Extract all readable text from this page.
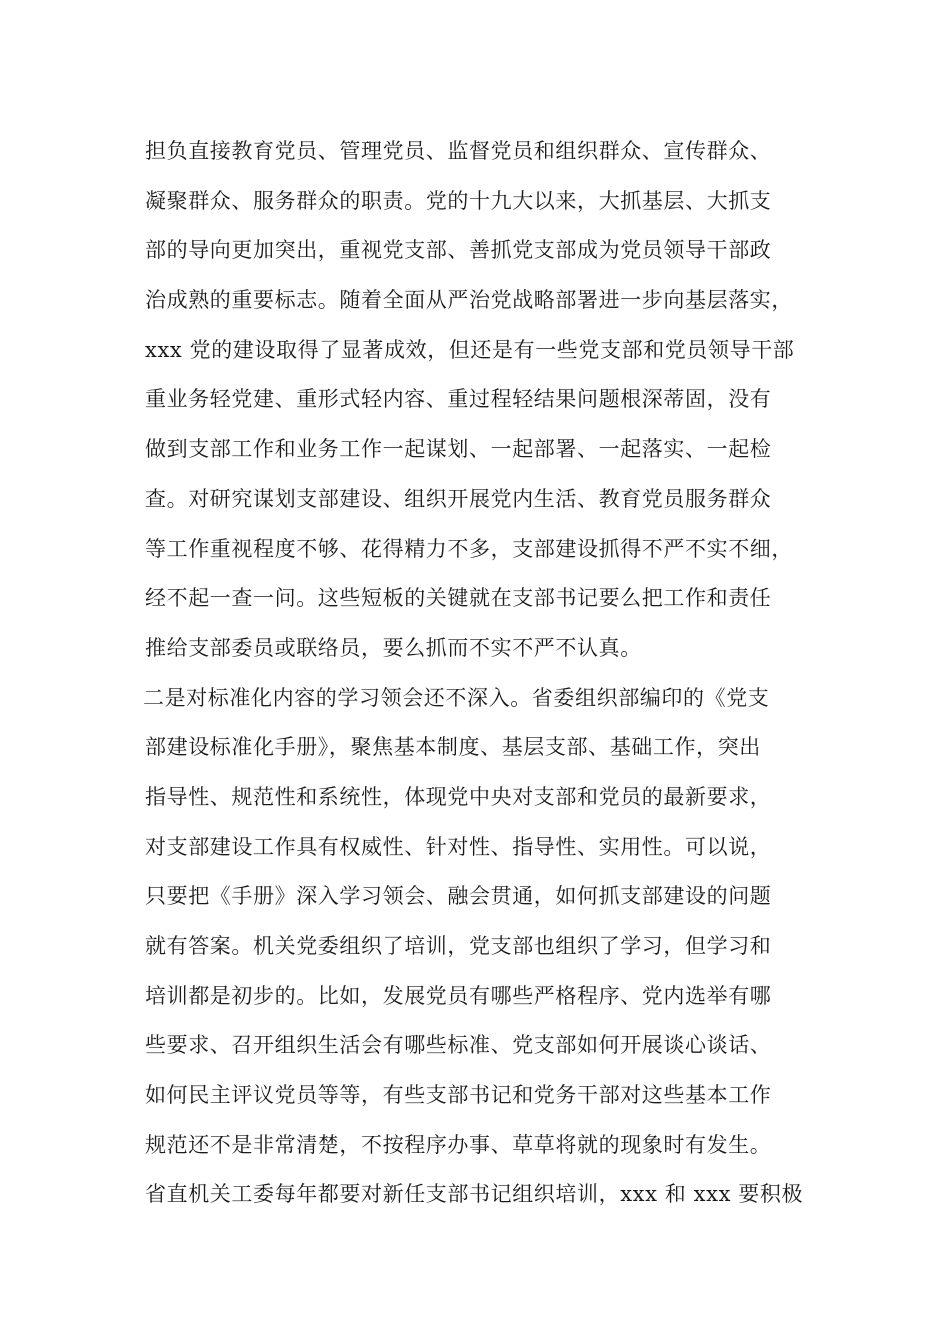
担负直接教育党员、管理党员、监督党员和组织群众、宣传群众、
凝聚群众、服务群众的职责。党的十九大以来，大抓基层、大抓支
部的导向更加突出，重视党支部、善抓党支部成为党员领导干部政
治成熟的重要标志。随着全面从严治党战略部署进一步向基层落实，
xxx 党的建设取得了显著成效，但还是有一些党支部和党员领导干部
重业务轻党建、重形式轻内容、重过程轻结果问题根深蒂固，没有
做到支部工作和业务工作一起谋划、一起部署、一起落实、一起检
查。对研究谋划支部建设、组织开展党内生活、教育党员服务群众
等工作重视程度不够、花得精力不多，支部建设抓得不严不实不细，
经不起一查一问。这些短板的关键就在支部书记要么把工作和责任
推给支部委员或联络员，要么抓而不实不严不认真。
二是对标准化内容的学习领会还不深入。省委组织部编印的《党支
部建设标准化手册》，聚焦基本制度、基层支部、基础工作，突出
指导性、规范性和系统性，体现党中央对支部和党员的最新要求，
对支部建设工作具有权威性、针对性、指导性、实用性。可以说，
只要把《手册》深入学习领会、融会贯通，如何抓支部建设的问题
就有答案。机关党委组织了培训，党支部也组织了学习，但学习和
培训都是初步的。比如，发展党员有哪些严格程序、党内选举有哪
些要求、召开组织生活会有哪些标准、党支部如何开展谈心谈话、
如何民主评议党员等等，有些支部书记和党务干部对这些基本工作
规范还不是非常清楚，不按程序办事、草草将就的现象时有发生。
省直机关工委每年都要对新任支部书记组织培训，xxx 和 xxx 要积极
